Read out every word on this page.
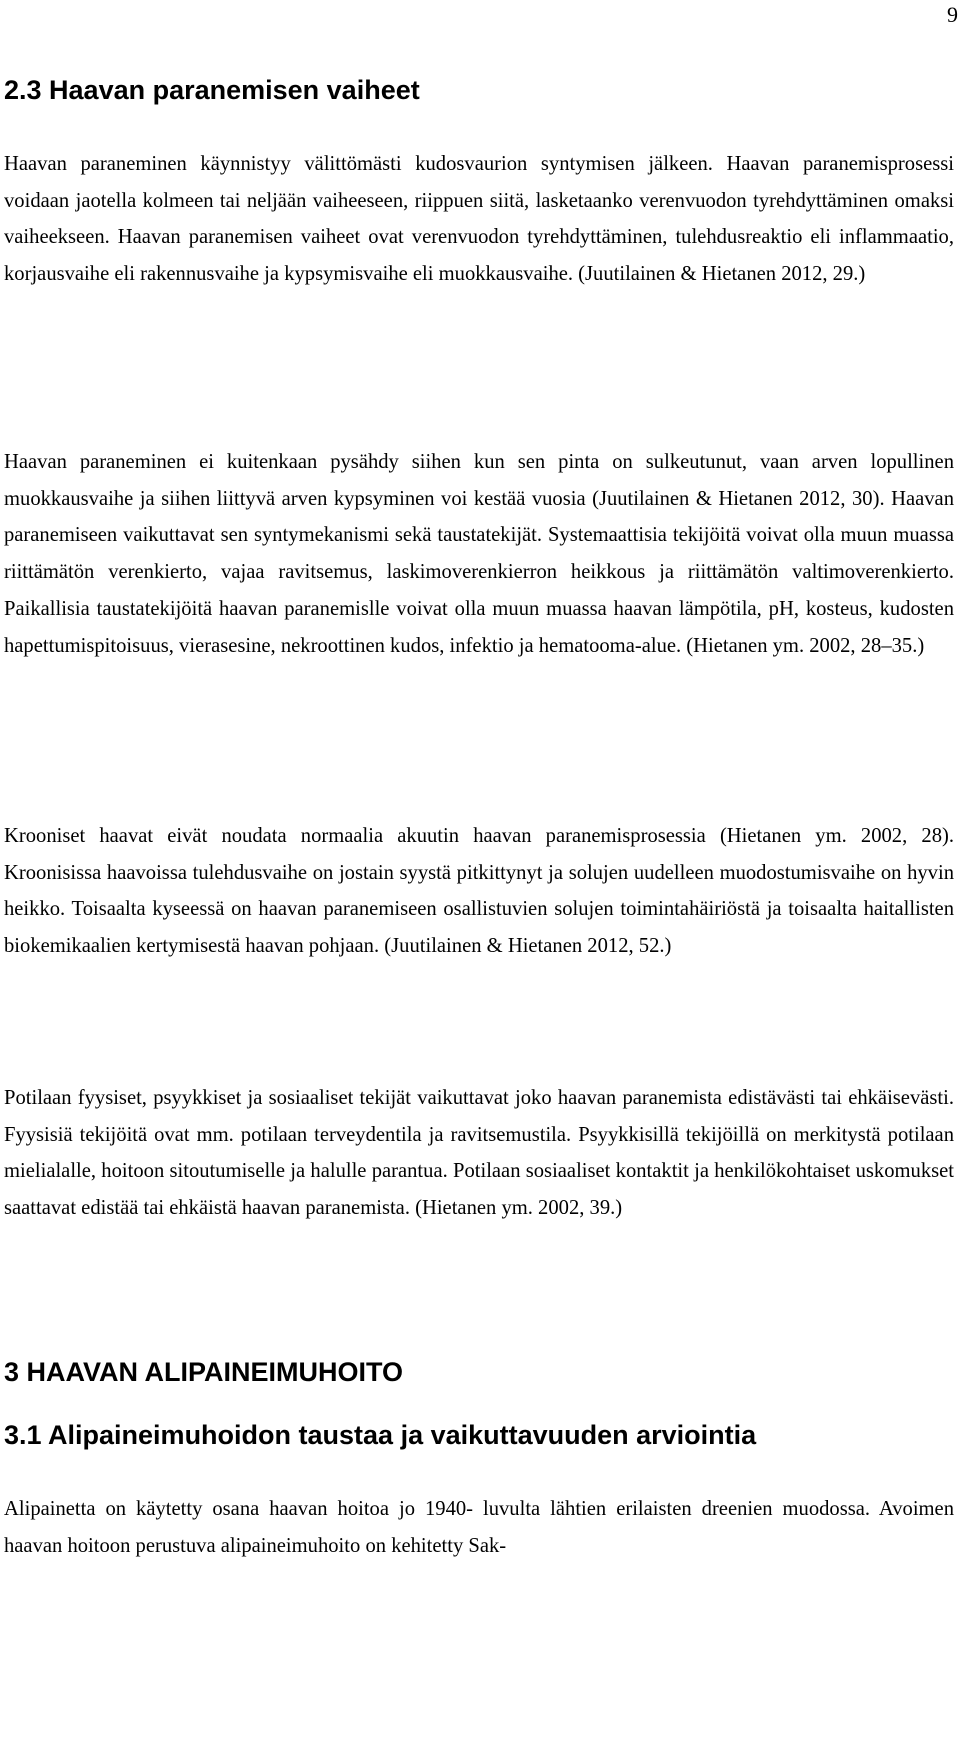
9
2.3 Haavan paranemisen vaiheet

Haavan paraneminen käynnistyy välittömästi kudosvaurion syntymisen jälkeen. Haavan paranemisprosessi voidaan jaotella kolmeen tai neljään vaiheeseen, riippuen siitä, lasketaanko verenvuodon tyrehdyttäminen omaksi vaiheekseen. Haavan paranemisen vaiheet ovat verenvuodon tyrehdyttäminen, tulehdusreaktio eli inflammaatio, korjausvaihe eli rakennusvaihe ja kypsymisvaihe eli muokkausvaihe. (Juutilainen & Hietanen 2012, 29.)

Haavan paraneminen ei kuitenkaan pysähdy siihen kun sen pinta on sulkeutunut, vaan arven lopullinen muokkausvaihe ja siihen liittyvä arven kypsyminen voi kestää vuosia (Juutilainen & Hietanen 2012, 30). Haavan paranemiseen vaikuttavat sen syntymekanismi sekä taustatekijät. Systemaattisia tekijöitä voivat olla muun muassa riittämätön verenkierto, vajaa ravitsemus, laskimoverenkierron heikkous ja riittämätön valtimoverenkierto. Paikallisia taustatekijöitä haavan paranemislle voivat olla muun muassa haavan lämpötila, pH, kosteus, kudosten hapettumispitoisuus, vierasesine, nekroottinen kudos, infektio ja hematooma-alue. (Hietanen ym. 2002, 28–35.)

Krooniset haavat eivät noudata normaalia akuutin haavan paranemisprosessia (Hietanen ym. 2002, 28). Kroonisissa haavoissa tulehdusvaihe on jostain syystä pitkittynyt ja solujen uudelleen muodostumisvaihe on hyvin heikko. Toisaalta kyseessä on haavan paranemiseen osallistuvien solujen toimintahäiriöstä ja toisaalta haitallisten biokemikaalien kertymisestä haavan pohjaan. (Juutilainen & Hietanen 2012, 52.)

Potilaan fyysiset, psyykkiset ja sosiaaliset tekijät vaikuttavat joko haavan paranemista edistävästi tai ehkäisevästi. Fyysisiä tekijöitä ovat mm. potilaan terveydentila ja ravitsemustila. Psyykkisillä tekijöillä on merkitystä potilaan mielialalle, hoitoon sitoutumiselle ja halulle parantua. Potilaan sosiaaliset kontaktit ja henkilökohtaiset uskomukset saattavat edistää tai ehkäistä haavan paranemista. (Hietanen ym. 2002, 39.)

3 HAAVAN ALIPAINEIMUHOITO
3.1 Alipaineimuhoidon taustaa ja vaikuttavuuden arviointia

Alipainetta on käytetty osana haavan hoitoa jo 1940- luvulta lähtien erilaisten dreenien muodossa. Avoimen haavan hoitoon perustuva alipaineimuhoito on kehitetty Sak-
